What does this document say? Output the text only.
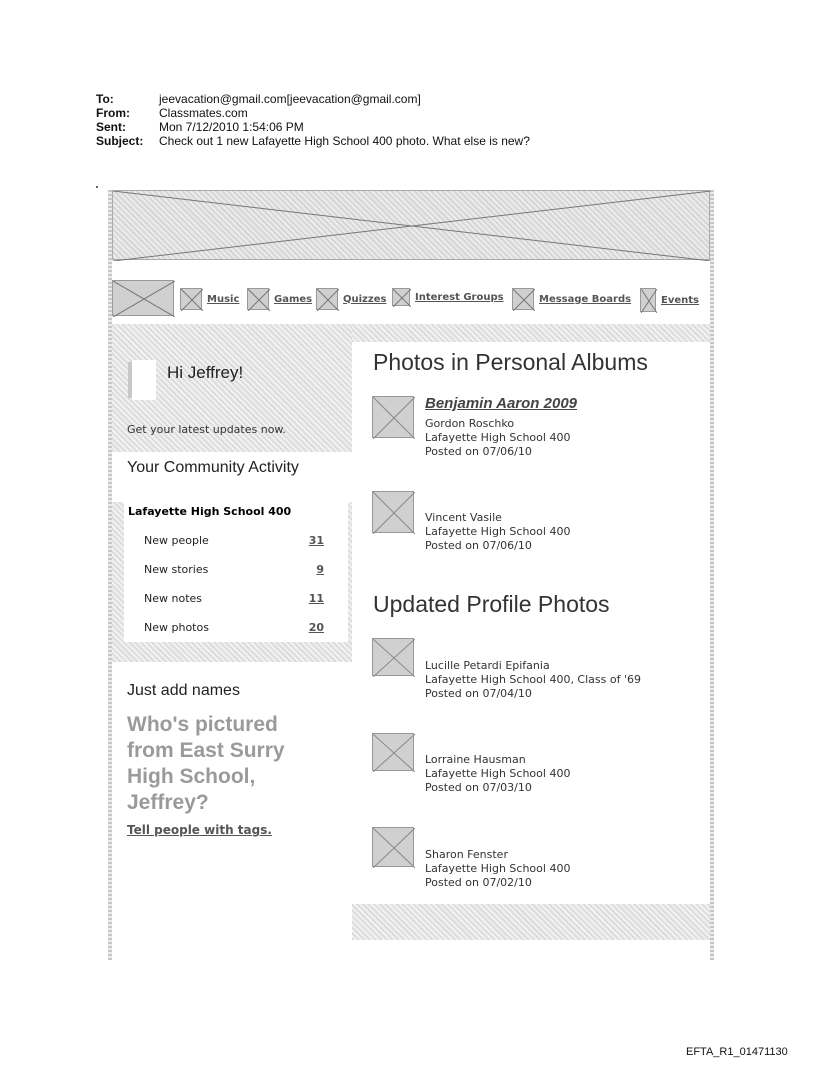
To:	jeevacation@gmail.com[jeevacation@gmail.com]
From:	Classmates.com
Sent:	Mon 7/12/2010 1:54:06 PM
Subject:	Check out 1 new Lafayette High School 400 photo. What else is new?
Music	Games	Quizzes	Interest Groups	Message Boards	Events
Hi Jeffrey!
Get your latest updates now.
Your Community Activity
Lafayette High School 400
New people	31
New stories	9
New notes	11
New photos	20
Just add names
Who's pictured from East Surry High School, Jeffrey?
Tell people with tags.
Photos in Personal Albums
Benjamin Aaron 2009
Gordon Roschko
Lafayette High School 400
Posted on 07/06/10
Vincent Vasile
Lafayette High School 400
Posted on 07/06/10
Updated Profile Photos
Lucille Petardi Epifania
Lafayette High School 400, Class of '69
Posted on 07/04/10
Lorraine Hausman
Lafayette High School 400
Posted on 07/03/10
Sharon Fenster
Lafayette High School 400
Posted on 07/02/10
EFTA_R1_01471130
